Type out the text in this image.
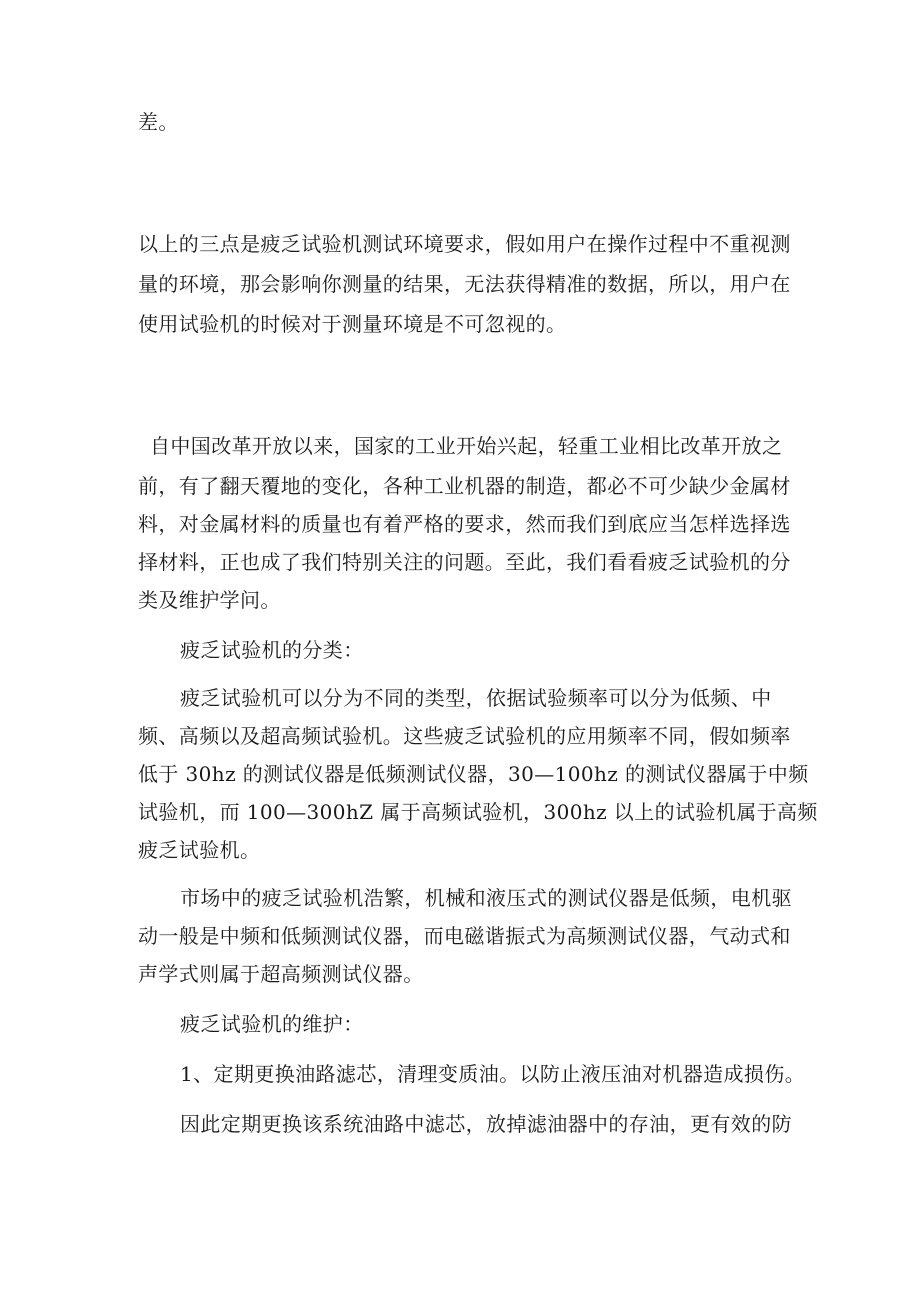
差。
以上的三点是疲乏试验机测试环境要求，假如用户在操作过程中不重视测
量的环境，那会影响你测量的结果，无法获得精准的数据，所以，用户在
使用试验机的时候对于测量环境是不可忽视的。
自中国改革开放以来，国家的工业开始兴起，轻重工业相比改革开放之
前，有了翻天覆地的变化，各种工业机器的制造，都必不可少缺少金属材
料，对金属材料的质量也有着严格的要求，然而我们到底应当怎样选择选
择材料，正也成了我们特别关注的问题。至此，我们看看疲乏试验机的分
类及维护学问。
疲乏试验机的分类：
疲乏试验机可以分为不同的类型，依据试验频率可以分为低频、中
频、高频以及超高频试验机。这些疲乏试验机的应用频率不同，假如频率
低于 30hz 的测试仪器是低频测试仪器，30—100hz 的测试仪器属于中频
试验机，而 100—300hZ 属于高频试验机，300hz 以上的试验机属于高频
疲乏试验机。
市场中的疲乏试验机浩繁，机械和液压式的测试仪器是低频，电机驱
动一般是中频和低频测试仪器，而电磁谐振式为高频测试仪器，气动式和
声学式则属于超高频测试仪器。
疲乏试验机的维护：
1、定期更换油路滤芯，清理变质油。以防止液压油对机器造成损伤。
因此定期更换该系统油路中滤芯，放掉滤油器中的存油，更有效的防
